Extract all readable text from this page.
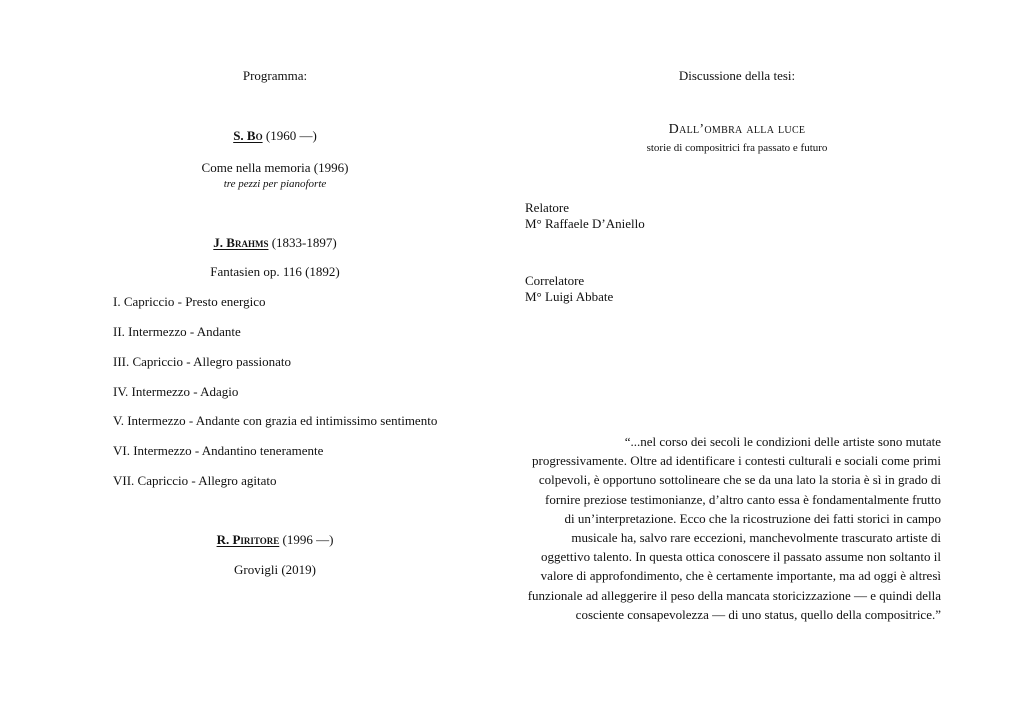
Programma:
S. Bo (1960 —)
Come nella memoria (1996)
tre pezzi per pianoforte
J. Brahms (1833-1897)
Fantasien op. 116 (1892)
I. Capriccio - Presto energico
II. Intermezzo - Andante
III. Capriccio - Allegro passionato
IV. Intermezzo - Adagio
V. Intermezzo - Andante con grazia ed intimissimo sentimento
VI. Intermezzo - Andantino teneramente
VII. Capriccio - Allegro agitato
R. Piritore (1996 —)
Grovigli (2019)
Discussione della tesi:
Dall’ombra alla luce
storie di compositrici fra passato e futuro
Relatore
M° Raffaele D’Aniello
Correlatore
M° Luigi Abbate
“...nel corso dei secoli le condizioni delle artiste sono mutate
progressivamente. Oltre ad identificare i contesti culturali e sociali come primi
colpevoli, è opportuno sottolineare che se da una lato la storia è sì in grado di
fornire preziose testimonianze, d’altro canto essa è fondamentalmente frutto
di un’interpretazione. Ecco che la ricostruzione dei fatti storici in campo
musicale ha, salvo rare eccezioni, manchevolmente trascurato artiste di
oggettivo talento. In questa ottica conoscere il passato assume non soltanto il
valore di approfondimento, che è certamente importante, ma ad oggi è altresì
funzionale ad alleggerire il peso della mancata storicizzazione — e quindi della
cosciente consapevolezza — di uno status, quello della compositrice.”
